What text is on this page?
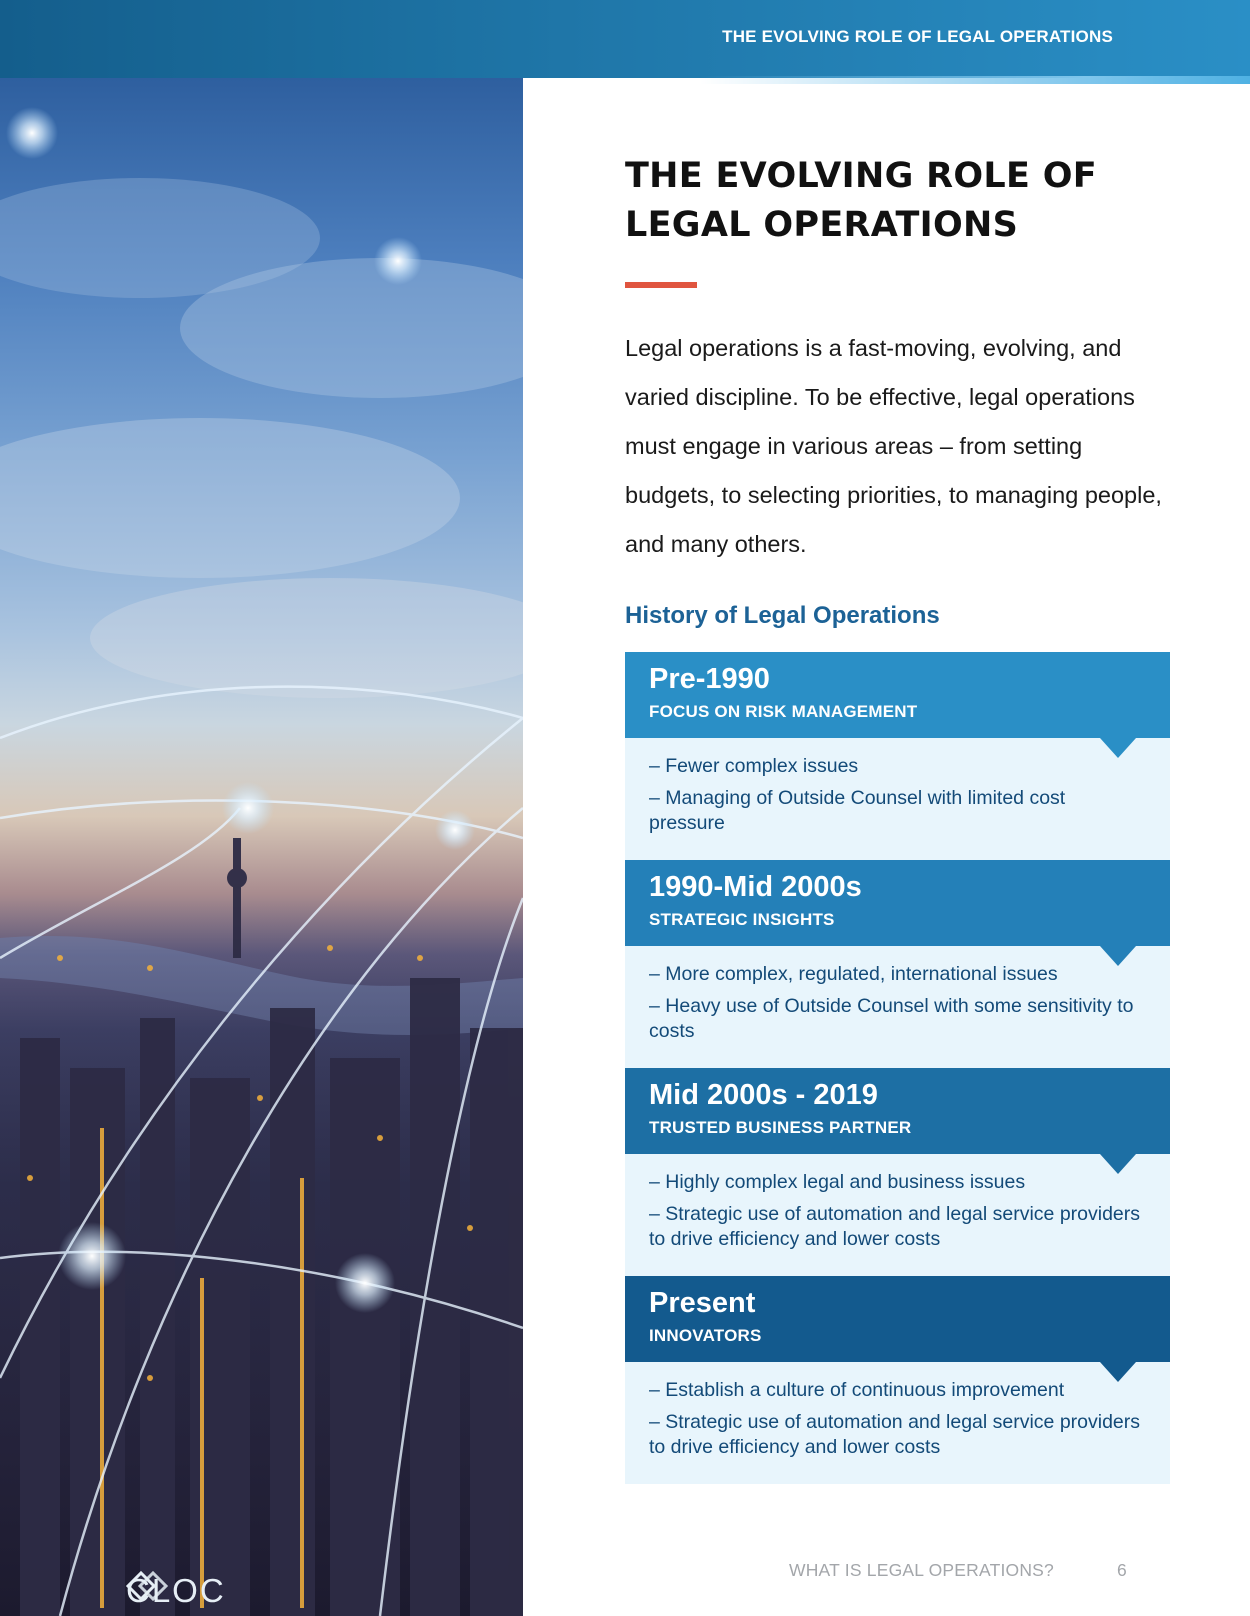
THE EVOLVING ROLE OF LEGAL OPERATIONS
CLOC
THE EVOLVING ROLE OF LEGAL OPERATIONS
Legal operations is a fast-moving, evolving, and varied discipline. To be effective, legal operations must engage in various areas – from setting budgets, to selecting priorities, to managing people, and many others.
History of Legal Operations
Pre-1990
FOCUS ON RISK MANAGEMENT

– Fewer complex issues

– Managing of Outside Counsel with limited cost pressure

1990-Mid 2000s
STRATEGIC INSIGHTS

– More complex, regulated, international issues

– Heavy use of Outside Counsel with some sensitivity to costs

Mid 2000s - 2019
TRUSTED BUSINESS PARTNER

– Highly complex legal and business issues

– Strategic use of automation and legal service providers to drive efficiency and lower costs

Present
INNOVATORS

– Establish a culture of continuous improvement

– Strategic use of automation and legal service providers to drive efficiency and lower costs

WHAT IS LEGAL OPERATIONS?	6
